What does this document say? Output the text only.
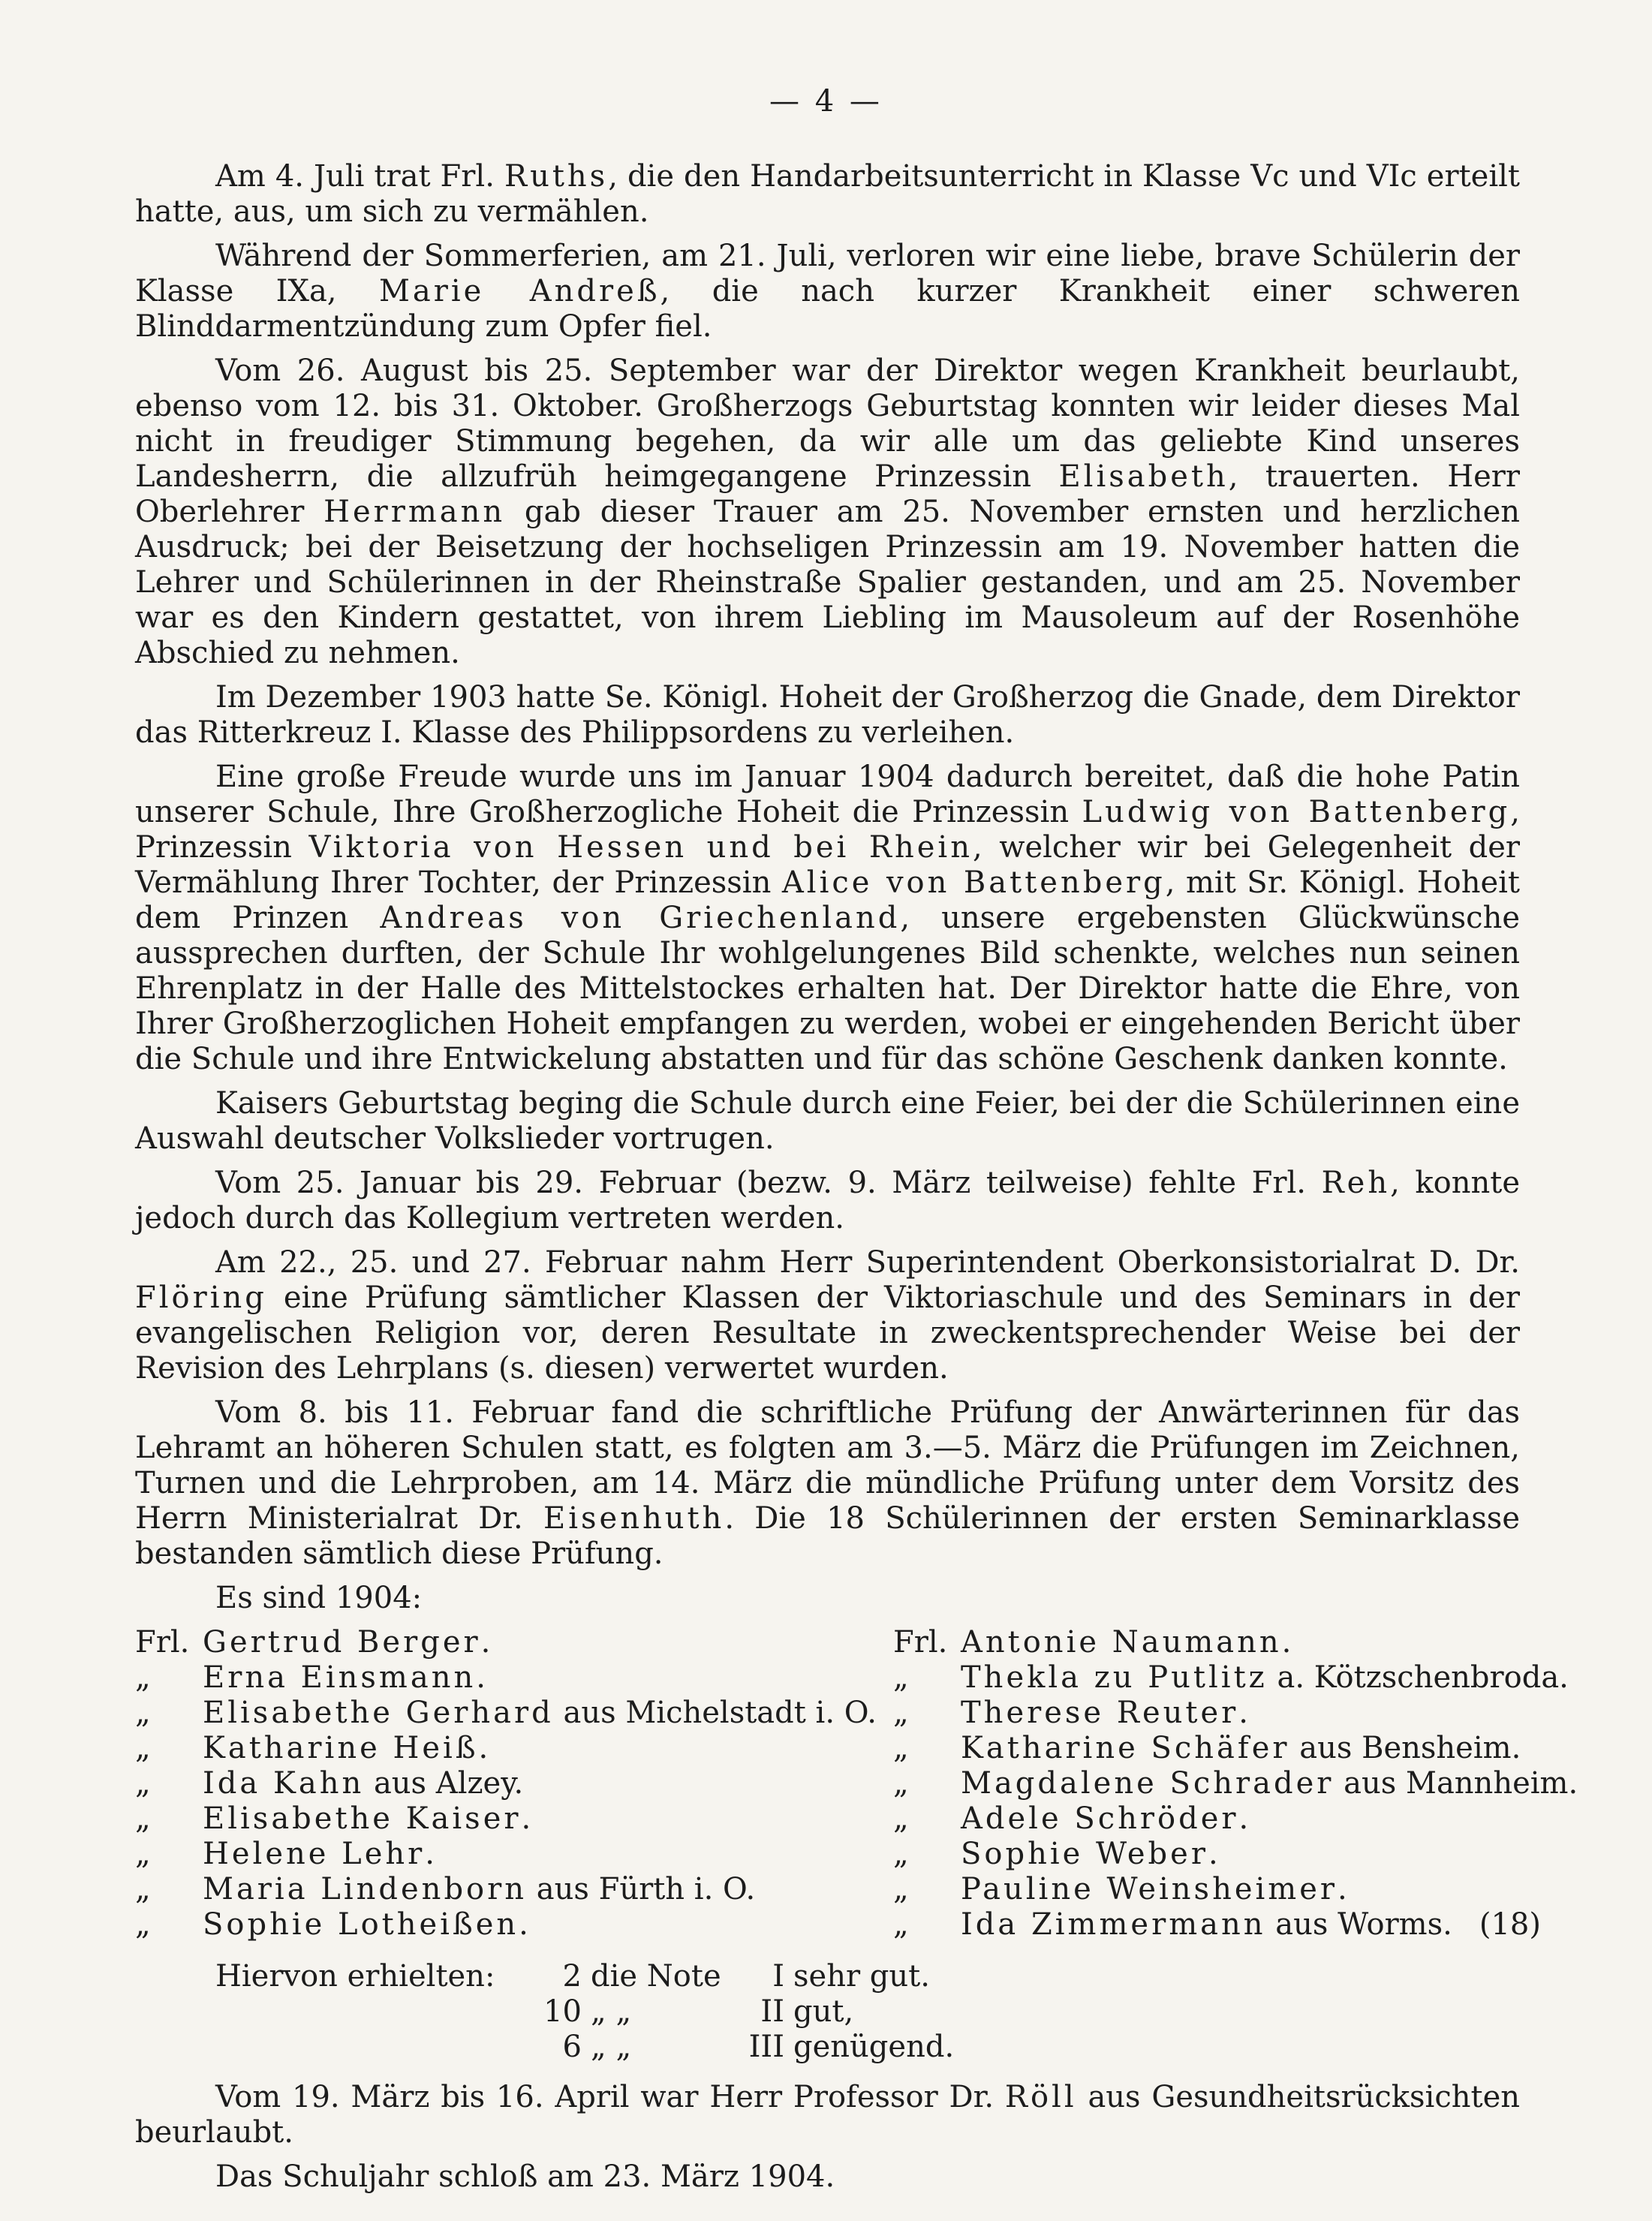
— 4 —

Am 4. Juli trat Frl. Ruths, die den Handarbeitsunterricht in Klasse Vc und VIc erteilt hatte, aus, um sich zu vermählen.

Während der Sommerferien, am 21. Juli, verloren wir eine liebe, brave Schülerin der Klasse IXa, Marie Andreß, die nach kurzer Krankheit einer schweren Blinddarmentzündung zum Opfer fiel.

Vom 26. August bis 25. September war der Direktor wegen Krankheit beurlaubt, ebenso vom 12. bis 31. Oktober. Großherzogs Geburtstag konnten wir leider dieses Mal nicht in freudiger Stimmung begehen, da wir alle um das geliebte Kind unseres Landesherrn, die allzufrüh heimgegangene Prinzessin Elisabeth, trauerten. Herr Oberlehrer Herrmann gab dieser Trauer am 25. November ernsten und herzlichen Ausdruck; bei der Beisetzung der hochseligen Prinzessin am 19. November hatten die Lehrer und Schülerinnen in der Rheinstraße Spalier gestanden, und am 25. November war es den Kindern gestattet, von ihrem Liebling im Mausoleum auf der Rosenhöhe Abschied zu nehmen.

Im Dezember 1903 hatte Se. Königl. Hoheit der Großherzog die Gnade, dem Direktor das Ritterkreuz I. Klasse des Philippsordens zu verleihen.

Eine große Freude wurde uns im Januar 1904 dadurch bereitet, daß die hohe Patin unserer Schule, Ihre Großherzogliche Hoheit die Prinzessin Ludwig von Battenberg, Prinzessin Viktoria von Hessen und bei Rhein, welcher wir bei Gelegenheit der Vermählung Ihrer Tochter, der Prinzessin Alice von Battenberg, mit Sr. Königl. Hoheit dem Prinzen Andreas von Griechenland, unsere ergebensten Glückwünsche aussprechen durften, der Schule Ihr wohlgelungenes Bild schenkte, welches nun seinen Ehrenplatz in der Halle des Mittelstockes erhalten hat. Der Direktor hatte die Ehre, von Ihrer Großherzoglichen Hoheit empfangen zu werden, wobei er eingehenden Bericht über die Schule und ihre Entwickelung abstatten und für das schöne Geschenk danken konnte.

Kaisers Geburtstag beging die Schule durch eine Feier, bei der die Schülerinnen eine Auswahl deutscher Volkslieder vortrugen.

Vom 25. Januar bis 29. Februar (bezw. 9. März teilweise) fehlte Frl. Reh, konnte jedoch durch das Kollegium vertreten werden.

Am 22., 25. und 27. Februar nahm Herr Superintendent Oberkonsistorialrat D. Dr. Flöring eine Prüfung sämtlicher Klassen der Viktoriaschule und des Seminars in der evangelischen Religion vor, deren Resultate in zweckentsprechender Weise bei der Revision des Lehrplans (s. diesen) verwertet wurden.

Vom 8. bis 11. Februar fand die schriftliche Prüfung der Anwärterinnen für das Lehramt an höheren Schulen statt, es folgten am 3.—5. März die Prüfungen im Zeichnen, Turnen und die Lehrproben, am 14. März die mündliche Prüfung unter dem Vorsitz des Herrn Ministerialrat Dr. Eisenhuth. Die 18 Schülerinnen der ersten Seminarklasse bestanden sämtlich diese Prüfung.

Es sind 1904:

Frl. Gertrud Berger.
„	Erna Einsmann.
„	Elisabethe Gerhard aus Michelstadt i. O.
„	Katharine Heiß.
„	Ida Kahn aus Alzey.
„	Elisabethe Kaiser.
„	Helene Lehr.
„	Maria Lindenborn aus Fürth i. O.
„	Sophie Lotheißen.
Frl. Antonie Naumann.
„	Thekla zu Putlitz a. Kötzschenbroda.
„	Therese Reuter.
„	Katharine Schäfer aus Bensheim.
„	Magdalene Schrader aus Mannheim.
„	Adele Schröder.
„	Sophie Weber.
„	Pauline Weinsheimer.
„	Ida Zimmermann aus Worms. (18)
Hiervon erhielten:	2 die Note	I sehr gut.
10 „ „	II gut,
6 „ „	III genügend.

Vom 19. März bis 16. April war Herr Professor Dr. Röll aus Gesundheitsrücksichten beurlaubt.

Das Schuljahr schloß am 23. März 1904.
